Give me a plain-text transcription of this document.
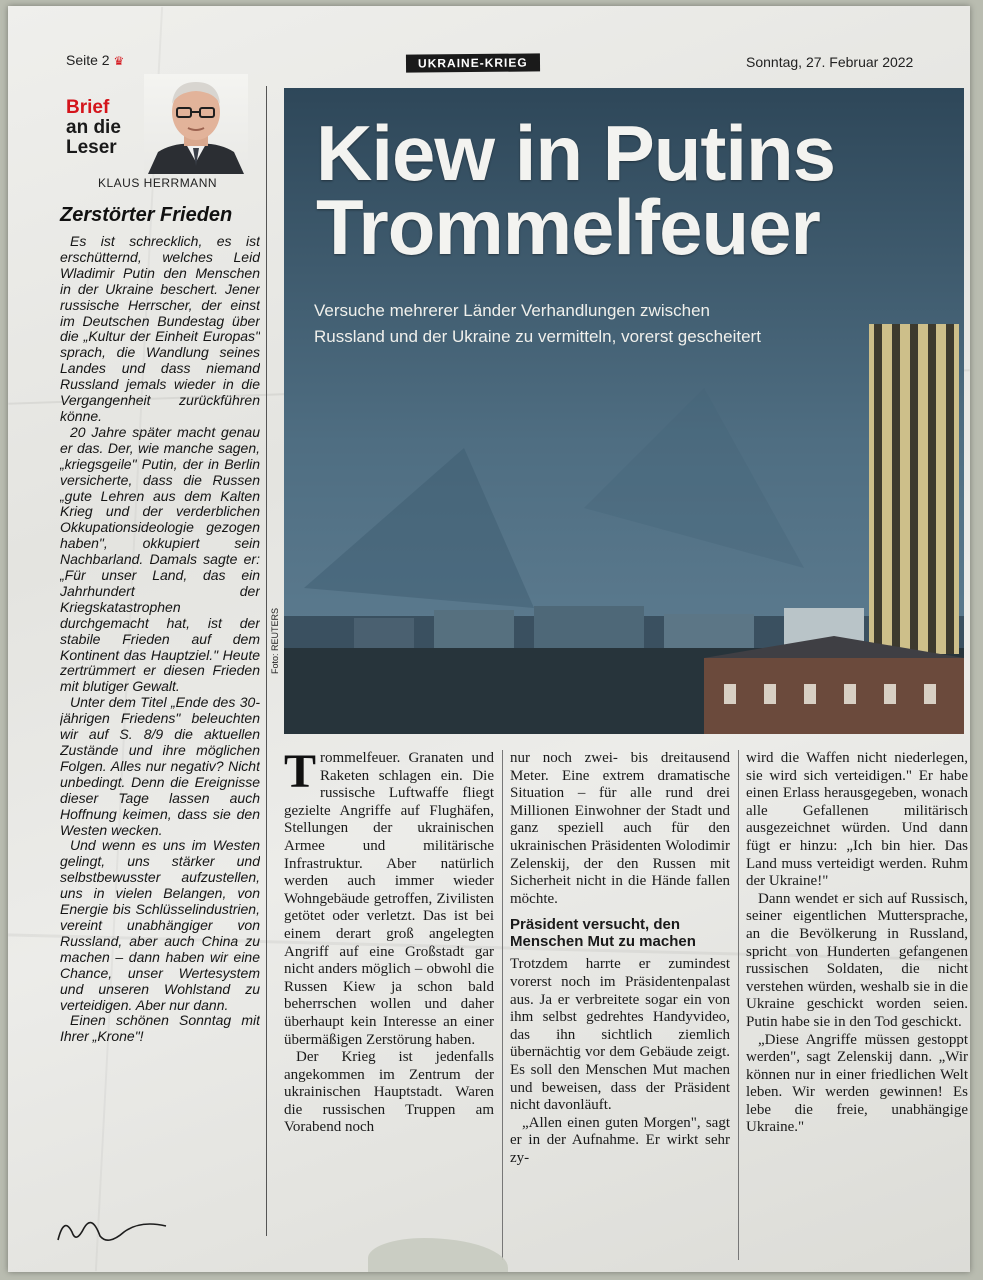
Seite 2 ♛	UKRAINE-KRIEG	Sonntag, 27. Februar 2022
Brief
an die
Leser
KLAUS HERRMANN
Zerstörter Frieden

Es ist schrecklich, es ist erschütternd, welches Leid Wladimir Putin den Menschen in der Ukraine beschert. Jener russische Herrscher, der einst im Deutschen Bundestag über die „Kultur der Einheit Europas" sprach, die Wandlung seines Landes und dass niemand Russland jemals wieder in die Vergangenheit zurückführen könne.

20 Jahre später macht genau er das. Der, wie manche sagen, „kriegsgeile" Putin, der in Berlin versicherte, dass die Russen „gute Lehren aus dem Kalten Krieg und der verderblichen Okkupationsideologie gezogen haben", okkupiert sein Nachbarland. Damals sagte er: „Für unser Land, das ein Jahrhundert der Kriegskatastrophen durchgemacht hat, ist der stabile Frieden auf dem Kontinent das Hauptziel." Heute zertrümmert er diesen Frieden mit blutiger Gewalt.

Unter dem Titel „Ende des 30-jährigen Friedens" beleuchten wir auf S. 8/9 die aktuellen Zustände und ihre möglichen Folgen. Alles nur negativ? Nicht unbedingt. Denn die Ereignisse dieser Tage lassen auch Hoffnung keimen, dass sie den Westen wecken.

Und wenn es uns im Westen gelingt, uns stärker und selbstbewusster aufzustellen, uns in vielen Belangen, von Energie bis Schlüsselindustrien, vereint unabhängiger von Russland, aber auch China zu machen – dann haben wir eine Chance, unser Wertesystem und unseren Wohlstand zu verteidigen. Aber nur dann.

Einen schönen Sonntag mit Ihrer „Krone"!

Kiew in Putins Trommelfeuer
Versuche mehrerer Länder Verhandlungen zwischen
Russland und der Ukraine zu vermitteln, vorerst gescheitert
Foto: REUTERS

Trommelfeuer. Granaten und Raketen schlagen ein. Die russische Luftwaffe fliegt gezielte Angriffe auf Flughäfen, Stellungen der ukrainischen Armee und militärische Infrastruktur. Aber natürlich werden auch immer wieder Wohngebäude getroffen, Zivilisten getötet oder verletzt. Das ist bei einem derart groß angelegten Angriff auf eine Großstadt gar nicht anders möglich – obwohl die Russen Kiew ja schon bald beherrschen wollen und daher überhaupt kein Interesse an einer übermäßigen Zerstörung haben.

Der Krieg ist jedenfalls angekommen im Zentrum der ukrainischen Hauptstadt. Waren die russischen Truppen am Vorabend noch

nur noch zwei- bis dreitausend Meter. Eine extrem dramatische Situation – für alle rund drei Millionen Einwohner der Stadt und ganz speziell auch für den ukrainischen Präsidenten Wolodimir Zelenskij, der den Russen mit Sicherheit nicht in die Hände fallen möchte.

Präsident versucht, den Menschen Mut zu machen

Trotzdem harrte er zumindest vorerst noch im Präsidentenpalast aus. Ja er verbreitete sogar ein von ihm selbst gedrehtes Handyvideo, das ihn sichtlich ziemlich übernächtig vor dem Gebäude zeigt. Es soll den Menschen Mut machen und beweisen, dass der Präsident nicht davonläuft.

„Allen einen guten Morgen", sagt er in der Aufnahme. Er wirkt sehr zy-

wird die Waffen nicht niederlegen, sie wird sich verteidigen." Er habe einen Erlass herausgegeben, wonach alle Gefallenen militärisch ausgezeichnet würden. Und dann fügt er hinzu: „Ich bin hier. Das Land muss verteidigt werden. Ruhm der Ukraine!"

Dann wendet er sich auf Russisch, seiner eigentlichen Muttersprache, an die Bevölkerung in Russland, spricht von Hunderten gefangenen russischen Soldaten, die nicht verstehen würden, weshalb sie in die Ukraine geschickt worden seien. Putin habe sie in den Tod geschickt.

„Diese Angriffe müssen gestoppt werden", sagt Zelenskij dann. „Wir können nur in einer friedlichen Welt leben. Wir werden gewinnen! Es lebe die freie, unabhängige Ukraine."
